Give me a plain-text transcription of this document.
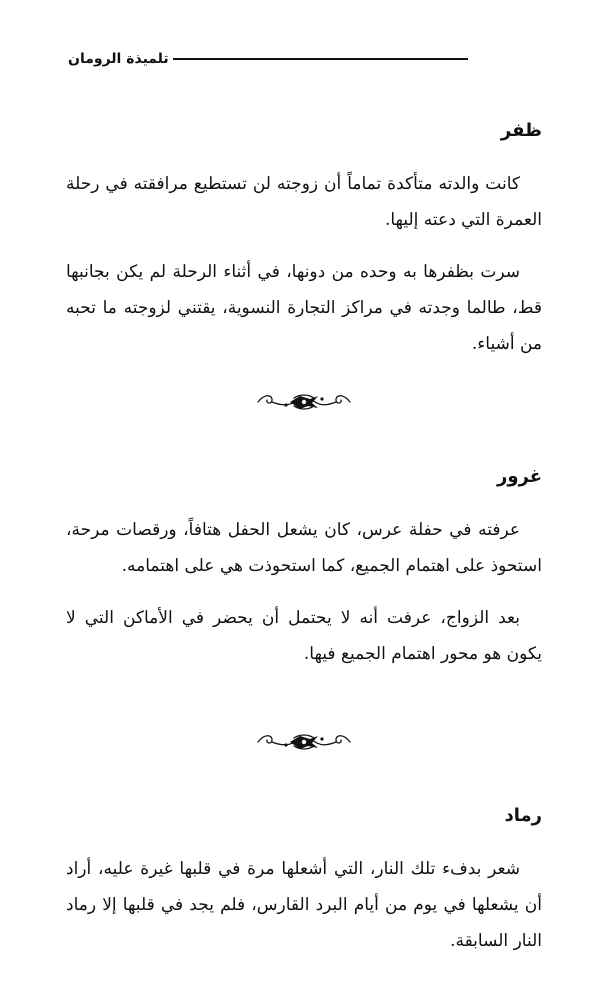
تلميذة الرومان
ظفر

كانت والدته متأكدة تماماً أن زوجته لن تستطيع مرافقته في رحلة العمرة التي دعته إليها.

سرت بظفرها به وحده من دونها، في أثناء الرحلة لم يكن بجانبها قط، طالما وجدته في مراكز التجارة النسوية، يقتني لزوجته ما تحبه من أشياء.

غرور

عرفته في حفلة عرس، كان يشعل الحفل هتافاً، ورقصات مرحة، استحوذ على اهتمام الجميع، كما استحوذت هي على اهتمامه.

بعد الزواج، عرفت أنه لا يحتمل أن يحضر في الأماكن التي لا يكون هو محور اهتمام الجميع فيها.

رماد

شعر بدفء تلك النار، التي أشعلها مرة في قلبها غيرة عليه، أراد أن يشعلها في يوم من أيام البرد القارس، فلم يجد في قلبها إلا رماد النار السابقة.
